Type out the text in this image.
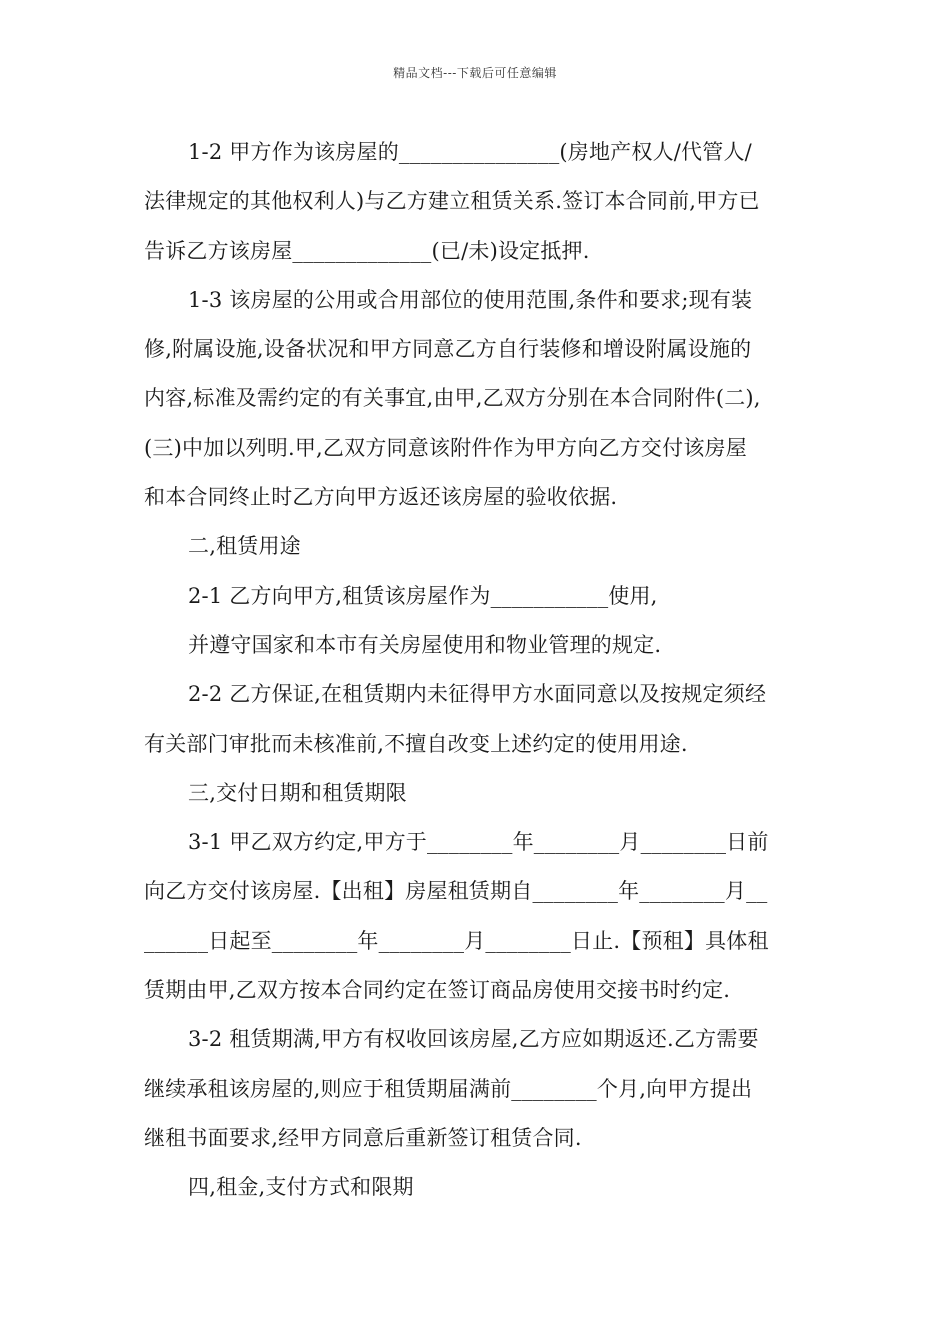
精品文档---下载后可任意编辑
1-2 甲方作为该房屋的_______________(房地产权人/代管人/
法律规定的其他权利人)与乙方建立租赁关系.签订本合同前,甲方已
告诉乙方该房屋_____________(已/未)设定抵押.
1-3 该房屋的公用或合用部位的使用范围,条件和要求;现有装
修,附属设施,设备状况和甲方同意乙方自行装修和增设附属设施的
内容,标准及需约定的有关事宜,由甲,乙双方分别在本合同附件(二),
(三)中加以列明.甲,乙双方同意该附件作为甲方向乙方交付该房屋
和本合同终止时乙方向甲方返还该房屋的验收依据.
二,租赁用途
2-1 乙方向甲方,租赁该房屋作为___________使用,
并遵守国家和本市有关房屋使用和物业管理的规定.
2-2 乙方保证,在租赁期内未征得甲方水面同意以及按规定须经
有关部门审批而未核准前,不擅自改变上述约定的使用用途.
三,交付日期和租赁期限
3-1 甲乙双方约定,甲方于________年________月________日前
向乙方交付该房屋.【出租】房屋租赁期自________年________月__
______日起至________年________月________日止.【预租】具体租
赁期由甲,乙双方按本合同约定在签订商品房使用交接书时约定.
3-2 租赁期满,甲方有权收回该房屋,乙方应如期返还.乙方需要
继续承租该房屋的,则应于租赁期届满前________个月,向甲方提出
继租书面要求,经甲方同意后重新签订租赁合同.
四,租金,支付方式和限期
